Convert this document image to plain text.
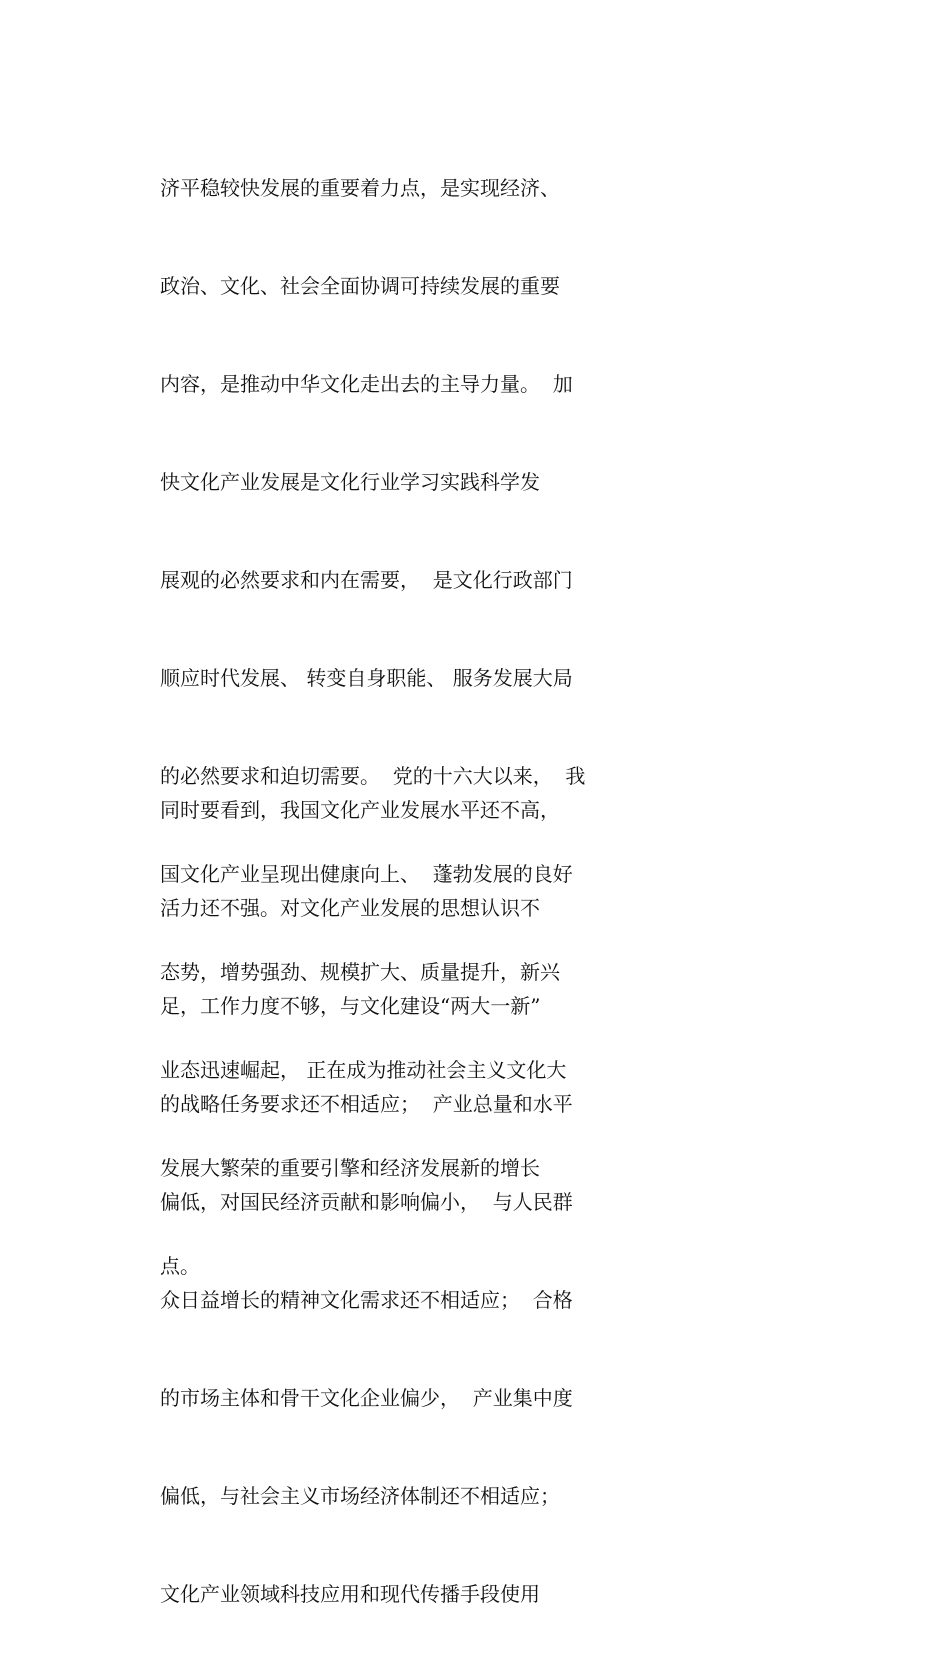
济平稳较快发展的重要着力点，是实现经济、

政治、文化、社会全面协调可持续发展的重要

内容，是推动中华文化走出去的主导力量。  加

快文化产业发展是文化行业学习实践科学发

展观的必然要求和内在需要，  是文化行政部门

顺应时代发展、 转变自身职能、 服务发展大局

的必然要求和迫切需要。  党的十六大以来，  我

国文化产业呈现出健康向上、  蓬勃发展的良好

态势，增势强劲、规模扩大、质量提升，新兴

业态迅速崛起， 正在成为推动社会主义文化大

发展大繁荣的重要引擎和经济发展新的增长

点。

同时要看到，我国文化产业发展水平还不高，

活力还不强。对文化产业发展的思想认识不

足，工作力度不够，与文化建设“两大一新”

的战略任务要求还不相适应；  产业总量和水平

偏低，对国民经济贡献和影响偏小，  与人民群

众日益增长的精神文化需求还不相适应；  合格

的市场主体和骨干文化企业偏少，  产业集中度

偏低，与社会主义市场经济体制还不相适应；

文化产业领域科技应用和现代传播手段使用
